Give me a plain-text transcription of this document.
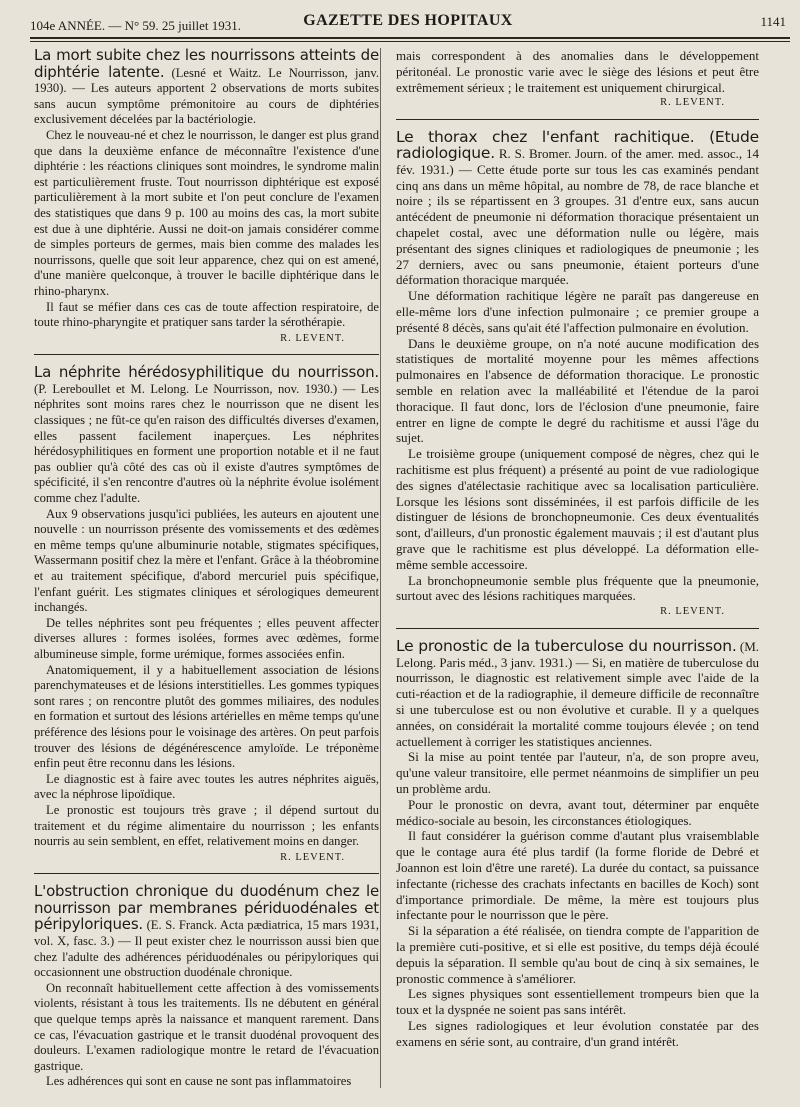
104e ANNÉE. — N° 59. 25 juillet 1931.	GAZETTE DES HOPITAUX	1141

La mort subite chez les nourrissons atteints de diphtérie latente. (Lesné et Waitz. Le Nourrisson, janv. 1930). — Les auteurs apportent 2 observations de morts subites sans aucun symptôme prémonitoire au cours de diphtéries exclusivement décelées par la bactériologie.

Chez le nouveau-né et chez le nourrisson, le danger est plus grand que dans la deuxième enfance de méconnaître l'existence d'une diphtérie : les réactions cliniques sont moindres, le syndrome malin est particulièrement fruste. Tout nourrisson diphtérique est exposé particulièrement à la mort subite et l'on peut conclure de l'examen des statistiques que dans 9 p. 100 au moins des cas, la mort subite est due à une diphtérie. Aussi ne doit-on jamais considérer comme de simples porteurs de germes, mais bien comme des malades les nourrissons, quelle que soit leur apparence, chez qui on est amené, d'une manière quelconque, à trouver le bacille diphtérique dans le rhino-pharynx.

Il faut se méfier dans ces cas de toute affection respiratoire, de toute rhino-pharyngite et pratiquer sans tarder la sérothérapie.

R. LEVENT.

La néphrite hérédosyphilitique du nourrisson. (P. Lereboullet et M. Lelong. Le Nourrisson, nov. 1930.) — Les néphrites sont moins rares chez le nourrisson que ne disent les classiques ; ne fût-ce qu'en raison des difficultés diverses d'examen, elles passent facilement inaperçues. Les néphrites hérédosyphilitiques en forment une proportion notable et il ne faut pas oublier qu'à côté des cas où il existe d'autres symptômes de spécificité, il s'en rencontre d'autres où la néphrite évolue isolément comme chez l'adulte.

Aux 9 observations jusqu'ici publiées, les auteurs en ajoutent une nouvelle : un nourrisson présente des vomissements et des œdèmes en même temps qu'une albuminurie notable, stigmates spécifiques, Wassermann positif chez la mère et l'enfant. Grâce à la théobromine et au traitement spécifique, d'abord mercuriel puis spécifique, l'enfant guérit. Les stigmates cliniques et sérologiques demeurent inchangés.

De telles néphrites sont peu fréquentes ; elles peuvent affecter diverses allures : formes isolées, formes avec œdèmes, forme albumineuse simple, forme urémique, formes associées enfin.

Anatomiquement, il y a habituellement association de lésions parenchymateuses et de lésions interstitielles. Les gommes typiques sont rares ; on rencontre plutôt des gommes miliaires, des nodules en formation et surtout des lésions artérielles en même temps qu'une préférence des lésions pour le voisinage des artères. On peut parfois trouver des lésions de dégénérescence amyloïde. Le tréponème enfin peut être reconnu dans les lésions.

Le diagnostic est à faire avec toutes les autres néphrites aiguës, avec la néphrose lipoïdique.

Le pronostic est toujours très grave ; il dépend surtout du traitement et du régime alimentaire du nourrisson ; les enfants nourris au sein semblent, en effet, relativement moins en danger.

R. LEVENT.

L'obstruction chronique du duodénum chez le nourrisson par membranes périduodénales et péripyloriques. (E. S. Franck. Acta pædiatrica, 15 mars 1931, vol. X, fasc. 3.) — Il peut exister chez le nourrisson aussi bien que chez l'adulte des adhérences périduodénales ou péripyloriques qui occasionnent une obstruction duodénale chronique.

On reconnaît habituellement cette affection à des vomissements violents, résistant à tous les traitements. Ils ne débutent en général que quelque temps après la naissance et manquent rarement. Dans ce cas, l'évacuation gastrique et le transit duodénal provoquent des douleurs. L'examen radiologique montre le retard de l'évacuation gastrique.

Les adhérences qui sont en cause ne sont pas inflammatoires

mais correspondent à des anomalies dans le développement péritonéal. Le pronostic varie avec le siège des lésions et peut être extrêmement sérieux ; le traitement est uniquement chirurgical.

R. LEVENT.

Le thorax chez l'enfant rachitique. (Etude radiologique. R. S. Bromer. Journ. of the amer. med. assoc., 14 fév. 1931.) — Cette étude porte sur tous les cas examinés pendant cinq ans dans un même hôpital, au nombre de 78, de race blanche et noire ; ils se répartissent en 3 groupes. 31 d'entre eux, sans aucun antécédent de pneumonie ni déformation thoracique présentaient un chapelet costal, avec une déformation nulle ou légère, mais présentant des signes cliniques et radiologiques de pneumonie ; les 27 derniers, avec ou sans pneumonie, étaient porteurs d'une déformation thoracique marquée.

Une déformation rachitique légère ne paraît pas dangereuse en elle-même lors d'une infection pulmonaire ; ce premier groupe a présenté 8 décès, sans qu'ait été l'affection pulmonaire en évolution.

Dans le deuxième groupe, on n'a noté aucune modification des statistiques de mortalité moyenne pour les mêmes affections pulmonaires en l'absence de déformation thoracique. Le pronostic semble en relation avec la malléabilité et l'étendue de la paroi thoracique. Il faut donc, lors de l'éclosion d'une pneumonie, faire entrer en ligne de compte le degré du rachitisme et aussi l'âge du sujet.

Le troisième groupe (uniquement composé de nègres, chez qui le rachitisme est plus fréquent) a présenté au point de vue radiologique des signes d'atélectasie rachitique avec sa localisation particulière. Lorsque les lésions sont disséminées, il est parfois difficile de les distinguer de lésions de bronchopneumonie. Ces deux éventualités sont, d'ailleurs, d'un pronostic également mauvais ; il est d'autant plus grave que le rachitisme est plus développé. La déformation elle-même semble accessoire.

La bronchopneumonie semble plus fréquente que la pneumonie, surtout avec des lésions rachitiques marquées.

R. LEVENT.

Le pronostic de la tuberculose du nourrisson. (M. Lelong. Paris méd., 3 janv. 1931.) — Si, en matière de tuberculose du nourrisson, le diagnostic est relativement simple avec l'aide de la cuti-réaction et de la radiographie, il demeure difficile de reconnaître si une tuberculose est ou non évolutive et curable. Il y a quelques années, on considérait la mortalité comme toujours élevée ; on tend actuellement à corriger les statistiques anciennes.

Si la mise au point tentée par l'auteur, n'a, de son propre aveu, qu'une valeur transitoire, elle permet néanmoins de simplifier un peu un problème ardu.

Pour le pronostic on devra, avant tout, déterminer par enquête médico-sociale au besoin, les circonstances étiologiques.

Il faut considérer la guérison comme d'autant plus vraisemblable que le contage aura été plus tardif (la forme floride de Debré et Joannon est loin d'être une rareté). La durée du contact, sa puissance infectante (richesse des crachats infectants en bacilles de Koch) sont d'importance primordiale. De même, la mère est toujours plus infectante pour le nourrisson que le père.

Si la séparation a été réalisée, on tiendra compte de l'apparition de la première cuti-positive, et si elle est positive, du temps déjà écoulé depuis la séparation. Il semble qu'au bout de cinq à six semaines, le pronostic commence à s'améliorer.

Les signes physiques sont essentiellement trompeurs bien que la toux et la dyspnée ne soient pas sans intérêt.

Les signes radiologiques et leur évolution constatée par des examens en série sont, au contraire, d'un grand intérêt.
